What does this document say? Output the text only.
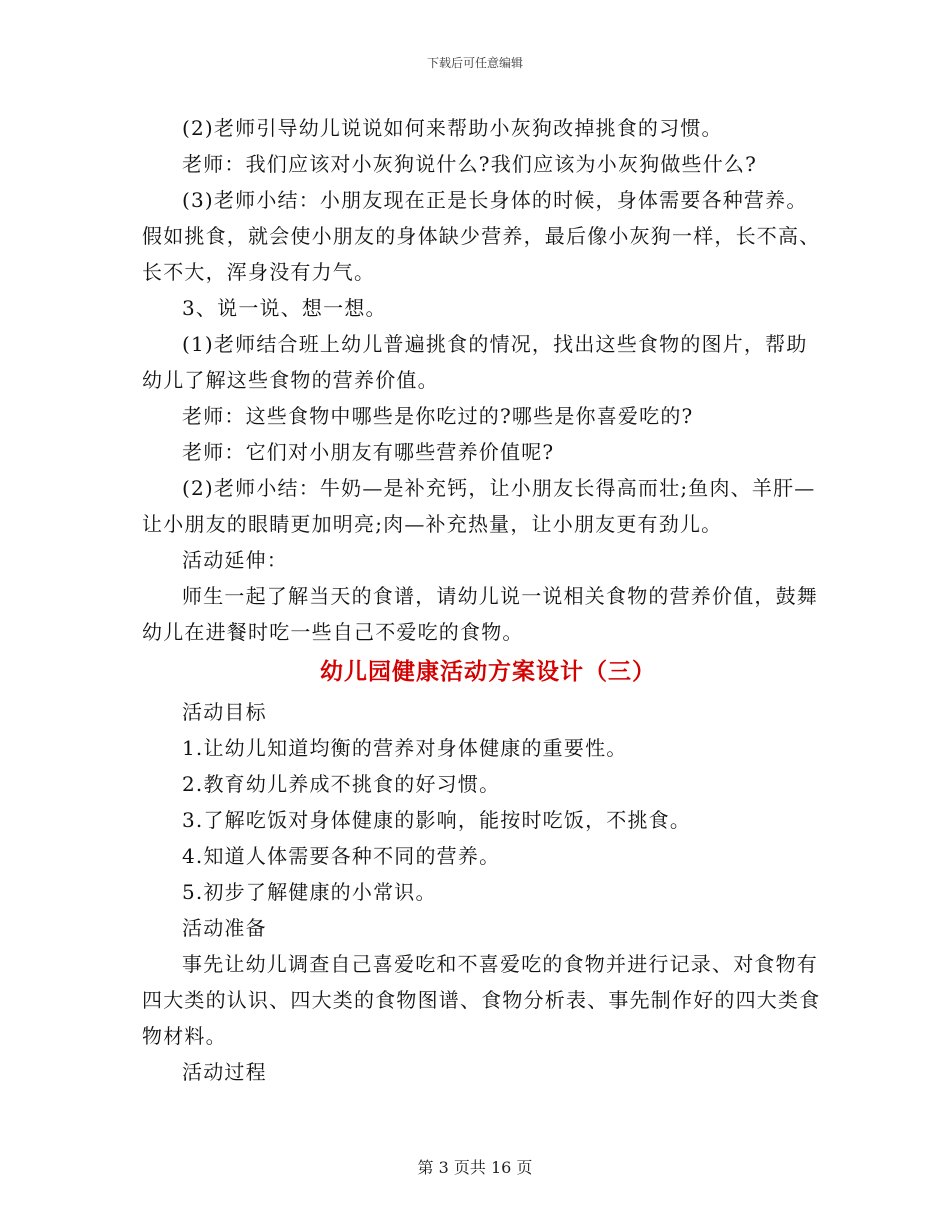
下载后可任意编辑

(2)老师引导幼儿说说如何来帮助小灰狗改掉挑食的习惯。

老师：我们应该对小灰狗说什么?我们应该为小灰狗做些什么?

(3)老师小结：小朋友现在正是长身体的时候，身体需要各种营养。假如挑食，就会使小朋友的身体缺少营养，最后像小灰狗一样，长不高、长不大，浑身没有力气。

3、说一说、想一想。

(1)老师结合班上幼儿普遍挑食的情况，找出这些食物的图片，帮助幼儿了解这些食物的营养价值。

老师：这些食物中哪些是你吃过的?哪些是你喜爱吃的?

老师：它们对小朋友有哪些营养价值呢?

(2)老师小结：牛奶—是补充钙，让小朋友长得高而壮;鱼肉、羊肝—让小朋友的眼睛更加明亮;肉—补充热量，让小朋友更有劲儿。

活动延伸：

师生一起了解当天的食谱，请幼儿说一说相关食物的营养价值，鼓舞幼儿在进餐时吃一些自己不爱吃的食物。

幼儿园健康活动方案设计（三）

活动目标

1.让幼儿知道均衡的营养对身体健康的重要性。

2.教育幼儿养成不挑食的好习惯。

3.了解吃饭对身体健康的影响，能按时吃饭，不挑食。

4.知道人体需要各种不同的营养。

5.初步了解健康的小常识。

活动准备

事先让幼儿调查自己喜爱吃和不喜爱吃的食物并进行记录、对食物有四大类的认识、四大类的食物图谱、食物分析表、事先制作好的四大类食物材料。

活动过程

第 3 页共 16 页
